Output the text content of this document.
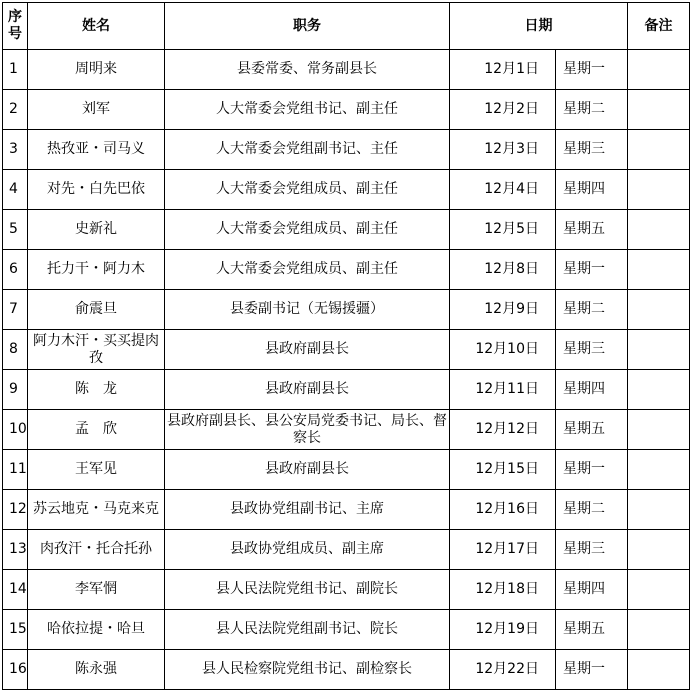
序号	姓名	职务	日期		备注
1	周明来	县委常委、常务副县长	12月1日	星期一	
2	刘军	人大常委会党组书记、副主任	12月2日	星期二	
3	热孜亚・司马义	人大常委会党组副书记、主任	12月3日	星期三	
4	对先・白先巴依	人大常委会党组成员、副主任	12月4日	星期四	
5	史新礼	人大常委会党组成员、副主任	12月5日	星期五	
6	托力干・阿力木	人大常委会党组成员、副主任	12月8日	星期一	
7	俞震旦	县委副书记（无锡援疆）	12月9日	星期二	
8	阿力木汗・买买提肉孜	县政府副县长	12月10日	星期三	
9	陈　龙	县政府副县长	12月11日	星期四	
10	孟　欣	县政府副县长、县公安局党委书记、局长、督察长	12月12日	星期五	
11	王军见	县政府副县长	12月15日	星期一	
12	苏云地克・马克来克	县政协党组副书记、主席	12月16日	星期二	
13	肉孜汗・托合托孙	县政协党组成员、副主席	12月17日	星期三	
14	李军惘	县人民法院党组书记、副院长	12月18日	星期四	
15	哈依拉提・哈旦	县人民法院党组副书记、院长	12月19日	星期五	
16	陈永强	县人民检察院党组书记、副检察长	12月22日	星期一	
